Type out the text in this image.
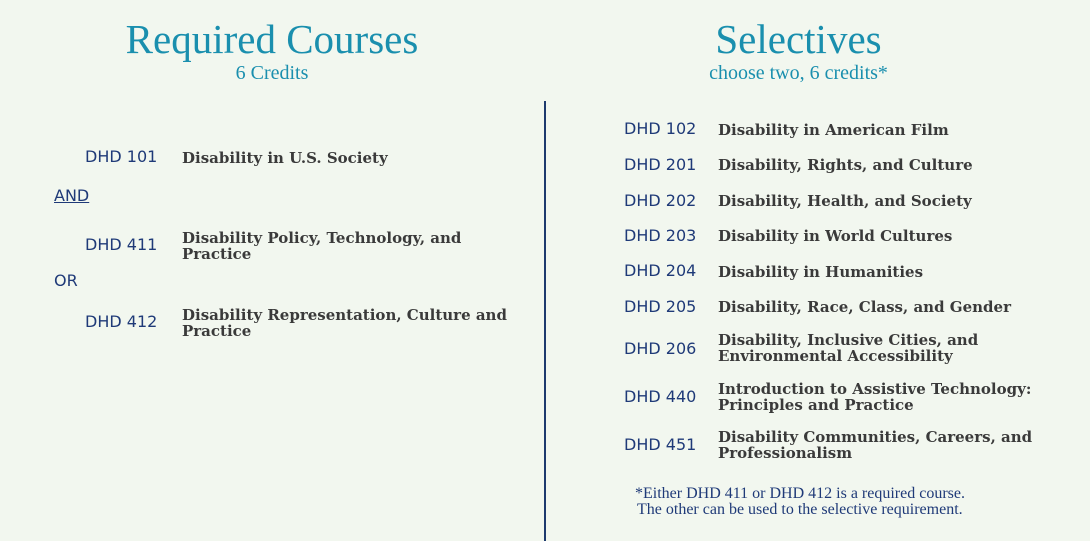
Required Courses
6 Credits
DHD 101 Disability in U.S. Society
AND
DHD 411 Disability Policy, Technology, and Practice
OR
DHD 412 Disability Representation, Culture and Practice
Selectives
choose two, 6 credits*
DHD 102 Disability in American Film
DHD 201 Disability, Rights, and Culture
DHD 202 Disability, Health, and Society
DHD 203 Disability in World Cultures
DHD 204 Disability in Humanities
DHD 205 Disability, Race, Class, and Gender
DHD 206 Disability, Inclusive Cities, and Environmental Accessibility
DHD 440 Introduction to Assistive Technology: Principles and Practice
DHD 451 Disability Communities, Careers, and Professionalism
*Either DHD 411 or DHD 412 is a required course.
The other can be used to the selective requirement.
